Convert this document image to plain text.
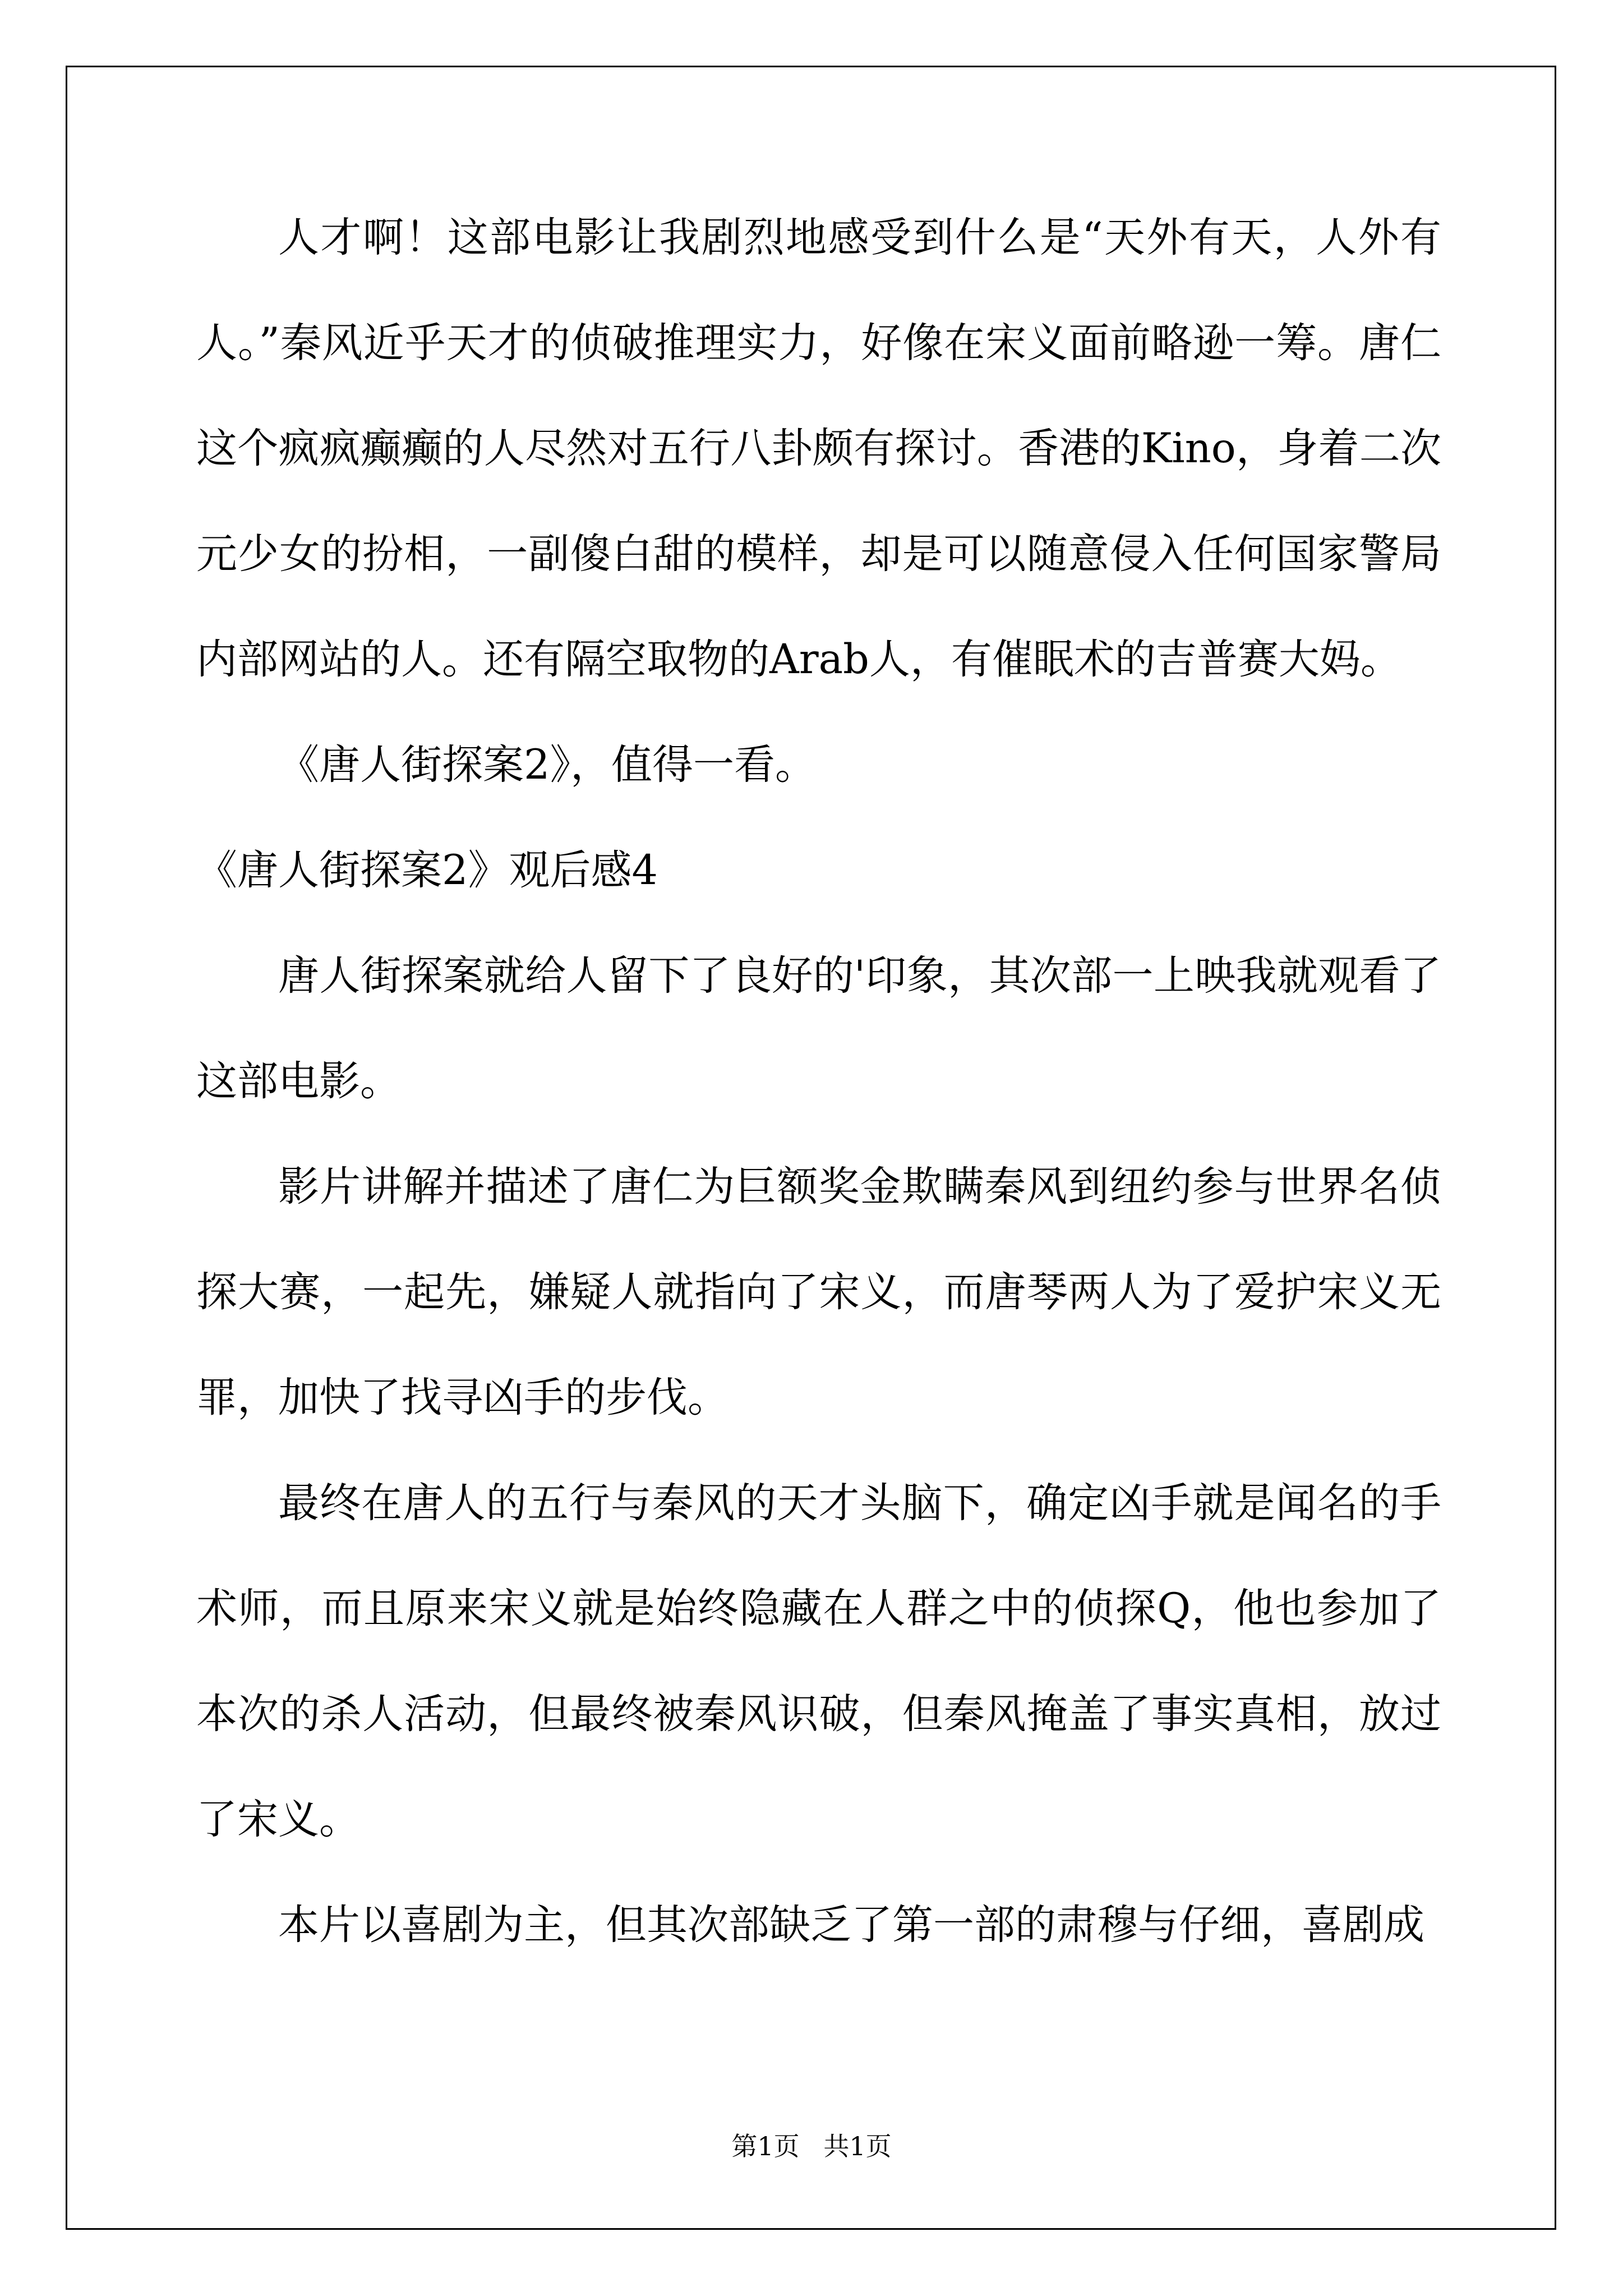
人才啊！这部电影让我剧烈地感受到什么是“天外有天，人外有人。”秦风近乎天才的侦破推理实力，好像在宋义面前略逊一筹。唐仁这个疯疯癫癫的人尽然对五行八卦颇有探讨。香港的Kino，身着二次元少女的扮相，一副傻白甜的模样，却是可以随意侵入任何国家警局内部网站的人。还有隔空取物的Arab人，有催眠术的吉普赛大妈。

《唐人街探案2》，值得一看。

《唐人街探案2》观后感4

唐人街探案就给人留下了良好的'印象，其次部一上映我就观看了这部电影。

影片讲解并描述了唐仁为巨额奖金欺瞒秦风到纽约参与世界名侦探大赛，一起先，嫌疑人就指向了宋义，而唐琴两人为了爱护宋义无罪，加快了找寻凶手的步伐。

最终在唐人的五行与秦风的天才头脑下，确定凶手就是闻名的手术师，而且原来宋义就是始终隐藏在人群之中的侦探Q，他也参加了本次的杀人活动，但最终被秦风识破，但秦风掩盖了事实真相，放过了宋义。

本片以喜剧为主，但其次部缺乏了第一部的肃穆与仔细，喜剧成

第1页 共1页
